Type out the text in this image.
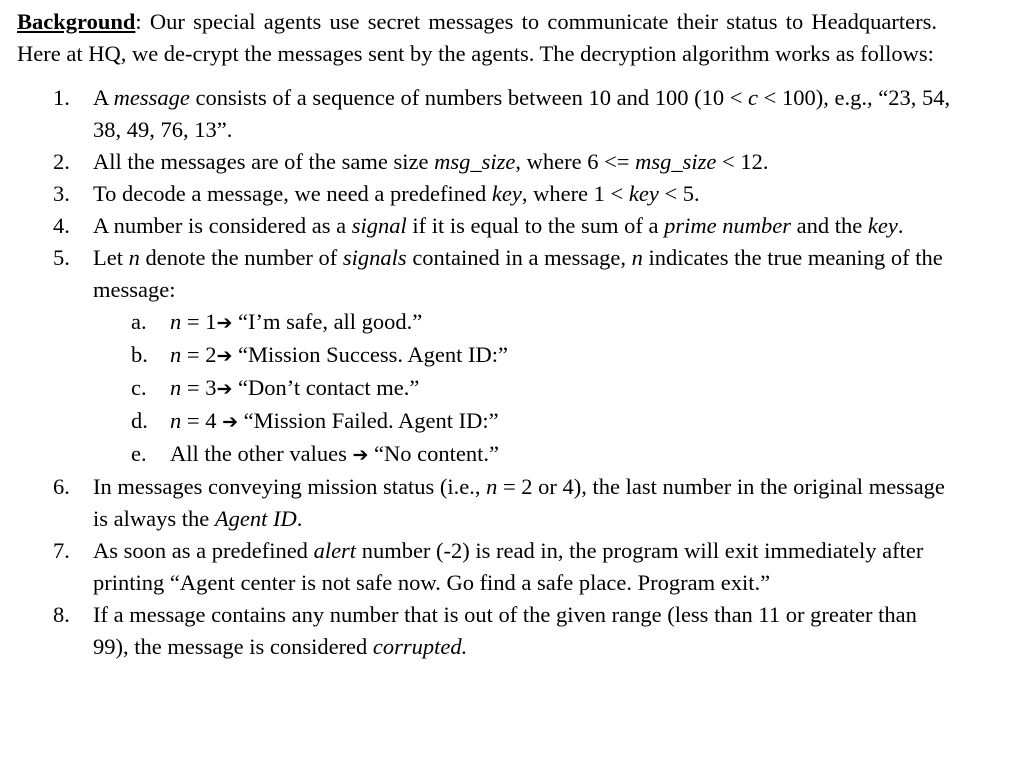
Background: Our special agents use secret messages to communicate their status to Headquarters. Here at HQ, we de-crypt the messages sent by the agents. The decryption algorithm works as follows:

1. A message consists of a sequence of numbers between 10 and 100 (10 < c < 100), e.g., “23, 54, 38, 49, 76, 13”.
2. All the messages are of the same size msg_size, where 6 <= msg_size < 12.
3. To decode a message, we need a predefined key, where 1 < key < 5.
4. A number is considered as a signal if it is equal to the sum of a prime number and the key.
5. Let n denote the number of signals contained in a message, n indicates the true meaning of the message:
a. n = 1➔ “I’m safe, all good.”
b. n = 2➔ “Mission Success. Agent ID:”
c. n = 3➔ “Don’t contact me.”
d. n = 4 ➔ “Mission Failed. Agent ID:”
e. All the other values ➔ “No content.”
6. In messages conveying mission status (i.e., n = 2 or 4), the last number in the original message is always the Agent ID.
7. As soon as a predefined alert number (-2) is read in, the program will exit immediately after printing “Agent center is not safe now. Go find a safe place. Program exit.”
8. If a message contains any number that is out of the given range (less than 11 or greater than 99), the message is considered corrupted.
